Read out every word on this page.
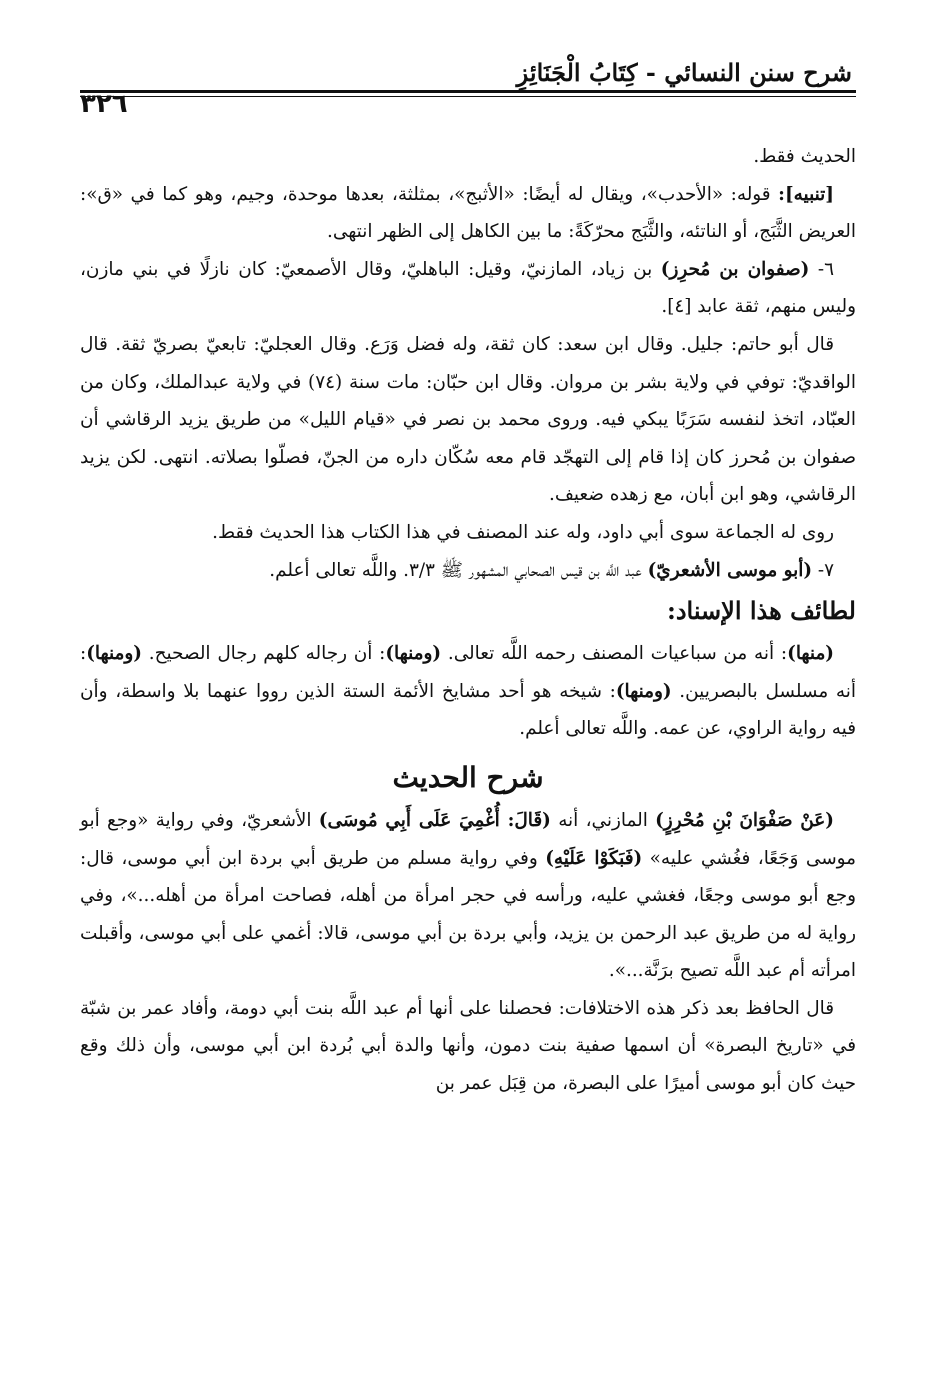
شرح سنن النسائي - كِتَابُ الْجَنَائِزِ
٣٢٦

الحديث فقط.

[تنبيه]: قوله: «الأحدب»، ويقال له أيضًا: «الأثبج»، بمثلثة، بعدها موحدة، وجيم، وهو كما في «ق»: العريض الثَّبَج، أو الناتئه، والثَّبَج محرّكَةً: ما بين الكاهل إلى الظهر انتهى.

٦- (صفوان بن مُحرِز) بن زياد، المازنيّ، وقيل: الباهليّ، وقال الأصمعيّ: كان نازلًا في بني مازن، وليس منهم، ثقة عابد [٤].

قال أبو حاتم: جليل. وقال ابن سعد: كان ثقة، وله فضل وَرَع. وقال العجليّ: تابعيّ بصريّ ثقة. قال الواقديّ: توفي في ولاية بشر بن مروان. وقال ابن حبّان: مات سنة (٧٤) في ولاية عبدالملك، وكان من العبّاد، اتخذ لنفسه سَرَبًا يبكي فيه. وروى محمد بن نصر في «قيام الليل» من طريق يزيد الرقاشي أن صفوان بن مُحرز كان إذا قام إلى التهجّد قام معه سُكّان داره من الجنّ، فصلّوا بصلاته. انتهى. لكن يزيد الرقاشي، وهو ابن أبان، مع زهده ضعيف.

روى له الجماعة سوى أبي داود، وله عند المصنف في هذا الكتاب هذا الحديث فقط.

٧- (أبو موسى الأشعريّ) عبد اللَّه بن قيس الصحابي المشهور ﷺ ٣/٣. واللَّه تعالى أعلم.

لطائف هذا الإسناد:

(منها): أنه من سباعيات المصنف رحمه اللَّه تعالى. (ومنها): أن رجاله كلهم رجال الصحيح. (ومنها): أنه مسلسل بالبصريين. (ومنها): شيخه هو أحد مشايخ الأئمة الستة الذين رووا عنهما بلا واسطة، وأن فيه رواية الراوي، عن عمه. واللَّه تعالى أعلم.

شرح الحديث

(عَنْ صَفْوَانَ بْنِ مُحْرِزٍ) المازني، أنه (قَالَ: أُغْمِيَ عَلَى أَبِي مُوسَى) الأشعريّ، وفي رواية «وجع أبو موسى وَجَعًا، فغُشي عليه» (فَبَكَوْا عَلَيْهِ) وفي رواية مسلم من طريق أبي بردة ابن أبي موسى، قال: وجع أبو موسى وجعًا، فغشي عليه، ورأسه في حجر امرأة من أهله، فصاحت امرأة من أهله...»، وفي رواية له من طريق عبد الرحمن بن يزيد، وأبي بردة بن أبي موسى، قالا: أغمي على أبي موسى، وأقبلت امرأته أم عبد اللَّه تصيح برَنَّة...».

قال الحافظ بعد ذكر هذه الاختلافات: فحصلنا على أنها أم عبد اللَّه بنت أبي دومة، وأفاد عمر بن شبّة في «تاريخ البصرة» أن اسمها صفية بنت دمون، وأنها والدة أبي بُردة ابن أبي موسى، وأن ذلك وقع حيث كان أبو موسى أميرًا على البصرة، من قِبَل عمر بن
